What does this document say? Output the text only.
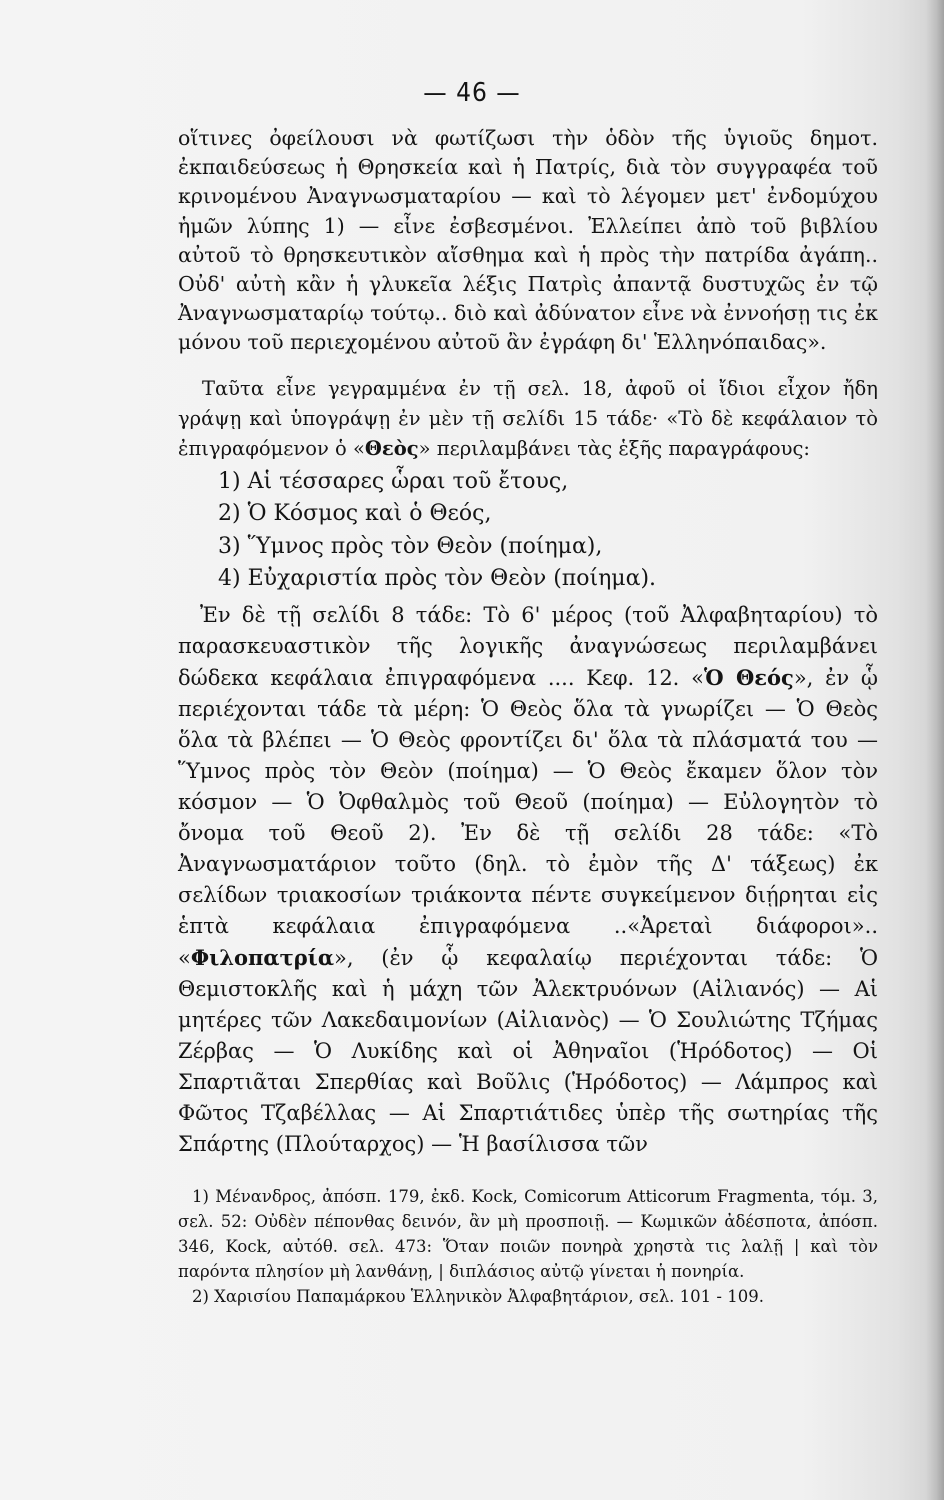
— 46 —

οἵτινες ὀφείλουσι νὰ φωτίζωσι τὴν ὁδὸν τῆς ὑγιοῦς δημοτ. ἐκπαιδεύσεως ἡ Θρησκεία καὶ ἡ Πατρίς, διὰ τὸν συγγραφέα τοῦ κρινομένου Ἀναγνωσματαρίου — καὶ τὸ λέγομεν μετ' ἐνδομύχου ἡμῶν λύπης 1) — εἶνε ἐσβεσμένοι. Ἐλλείπει ἀπὸ τοῦ βιβλίου αὐτοῦ τὸ θρησκευτικὸν αἴσθημα καὶ ἡ πρὸς τὴν πατρίδα ἀγάπη.. Οὐδ' αὐτὴ κἂν ἡ γλυκεῖα λέξις Πατρὶς ἀπαντᾷ δυστυχῶς ἐν τῷ Ἀναγνωσματαρίῳ τούτῳ.. διὸ καὶ ἀδύνατον εἶνε νὰ ἐννοήσῃ τις ἐκ μόνου τοῦ περιεχομένου αὐτοῦ ἂν ἐγράφη δι' Ἑλληνόπαιδας».

Ταῦτα εἶνε γεγραμμένα ἐν τῇ σελ. 18, ἀφοῦ οἱ ἴδιοι εἶχον ἤδη γράψῃ καὶ ὑπογράψῃ ἐν μὲν τῇ σελίδι 15 τάδε· «Τὸ δὲ κεφάλαιον τὸ ἐπιγραφόμενον ὁ «Θεὸς» περιλαμβάνει τὰς ἑξῆς παραγράφους:

1) Αἱ τέσσαρες ὧραι τοῦ ἔτους,
2) Ὁ Κόσμος καὶ ὁ Θεός,
3) Ὕμνος πρὸς τὸν Θεὸν (ποίημα),
4) Εὐχαριστία πρὸς τὸν Θεὸν (ποίημα).

Ἐν δὲ τῇ σελίδι 8 τάδε: Τὸ 6' μέρος (τοῦ Ἀλφαβηταρίου) τὸ παρασκευαστικὸν τῆς λογικῆς ἀναγνώσεως περιλαμβάνει δώδεκα κεφάλαια ἐπιγραφόμενα .... Κεφ. 12. «Ὁ Θεός», ἐν ᾧ περιέχονται τάδε τὰ μέρη: Ὁ Θεὸς ὅλα τὰ γνωρίζει — Ὁ Θεὸς ὅλα τὰ βλέπει — Ὁ Θεὸς φροντίζει δι' ὅλα τὰ πλάσματά του — Ὕμνος πρὸς τὸν Θεὸν (ποίημα) — Ὁ Θεὸς ἔκαμεν ὅλον τὸν κόσμον — Ὁ Ὀφθαλμὸς τοῦ Θεοῦ (ποίημα) — Εὐλογητὸν τὸ ὄνομα τοῦ Θεοῦ 2). Ἐν δὲ τῇ σελίδι 28 τάδε: «Τὸ Ἀναγνωσματάριον τοῦτο (δηλ. τὸ ἐμὸν τῆς Δ' τάξεως) ἐκ σελίδων τριακοσίων τριάκοντα πέντε συγκείμενον διῄρηται εἰς ἑπτὰ κεφάλαια ἐπιγραφόμενα ..«Ἀρεταὶ διάφοροι».. «Φιλοπατρία», (ἐν ᾧ κεφαλαίῳ περιέχονται τάδε: Ὁ Θεμιστοκλῆς καὶ ἡ μάχη τῶν Ἀλεκτρυόνων (Αἰλιανός) — Αἱ μητέρες τῶν Λακεδαιμονίων (Αἰλιανὸς) — Ὁ Σουλιώτης Τζήμας Ζέρβας — Ὁ Λυκίδης καὶ οἱ Ἀθηναῖοι (Ἡρόδοτος) — Οἱ Σπαρτιᾶται Σπερθίας καὶ Βοῦλις (Ἡρόδοτος) — Λάμπρος καὶ Φῶτος Τζαβέλλας — Αἱ Σπαρτιάτιδες ὑπὲρ τῆς σωτηρίας τῆς Σπάρτης (Πλούταρχος) — Ἡ βασίλισσα τῶν

1) Μένανδρος, ἀπόσπ. 179, ἐκδ. Kock, Comicorum Atticorum Fragmenta, τόμ. 3, σελ. 52: Οὐδὲν πέπονθας δεινόν, ἂν μὴ προσποιῇ. — Κωμικῶν ἀδέσποτα, ἀπόσπ. 346, Kock, αὐτόθ. σελ. 473: Ὅταν ποιῶν πονηρὰ χρηστὰ τις λαλῇ | καὶ τὸν παρόντα πλησίον μὴ λανθάνῃ, | διπλάσιος αὐτῷ γίνεται ἡ πονηρία.

2) Χαρισίου Παπαμάρκου Ἑλληνικὸν Ἀλφαβητάριον, σελ. 101 - 109.
